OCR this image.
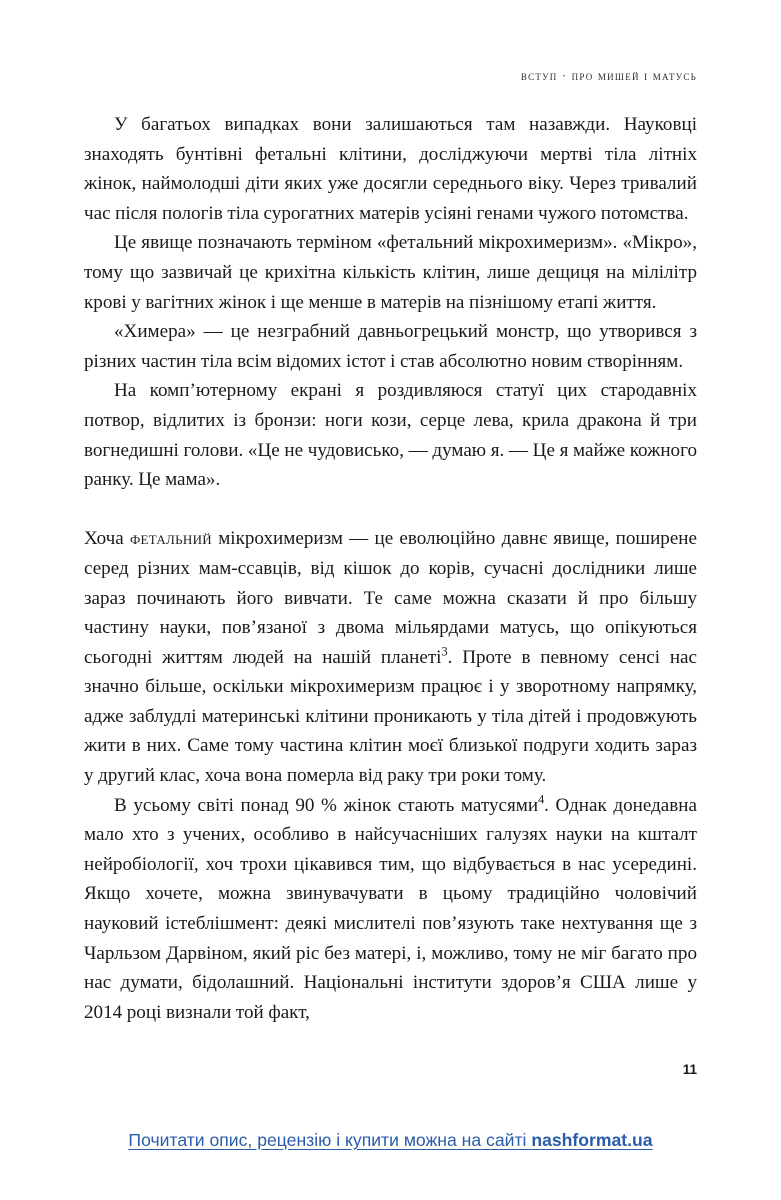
вступ · про мишей і матусь

У багатьох випадках вони залишаються там назавжди. Науковці знаходять бунтівні фетальні клітини, досліджуючи мертві тіла літніх жінок, наймолодші діти яких уже досягли середнього віку. Через тривалий час після пологів тіла сурогатних матерів усіяні генами чужого потомства.

Це явище позначають терміном «фетальний мікрохимеризм». «Мікро», тому що зазвичай це крихітна кількість клітин, лише дещиця на мілілітр крові у вагітних жінок і ще менше в матерів на пізнішому етапі життя.

«Химера» — це незграбний давньогрецький монстр, що утворився з різних частин тіла всім відомих істот і став абсолютно новим створінням.

На комп’ютерному екрані я роздивляюся статуї цих стародавніх потвор, відлитих із бронзи: ноги кози, серце лева, крила дракона й три вогнедишні голови. «Це не чудовисько, — думаю я. — Це я майже кожного ранку. Це мама».

Хоча фетальний мікрохимеризм — це еволюційно давнє явище, поширене серед різних мам-ссавців, від кішок до корів, сучасні дослідники лише зараз починають його вивчати. Те саме можна сказати й про більшу частину науки, пов’язаної з двома мільярдами матусь, що опікуються сьогодні життям людей на нашій планеті$^3$. Проте в певному сенсі нас значно більше, оскільки мікрохимеризм працює і у зворотному напрямку, адже заблудлі материнські клітини проникають у тіла дітей і продовжують жити в них. Саме тому частина клітин моєї близької подруги ходить зараз у другий клас, хоча вона померла від раку три роки тому.

В усьому світі понад 90 % жінок стають матусями$^4$. Однак донедавна мало хто з учених, особливо в найсучасніших галузях науки на кшталт нейробіології, хоч трохи цікавився тим, що відбувається в нас усередині. Якщо хочете, можна звинувачувати в цьому традиційно чоловічий науковий істеблішмент: деякі мислителі пов’язують таке нехтування ще з Чарльзом Дарвіном, який ріс без матері, і, можливо, тому не міг багато про нас думати, бідолашний. Національні інститути здоров’я США лише у 2014 році визнали той факт,

11
Почитати опис, рецензію і купити можна на сайті nashformat.ua
